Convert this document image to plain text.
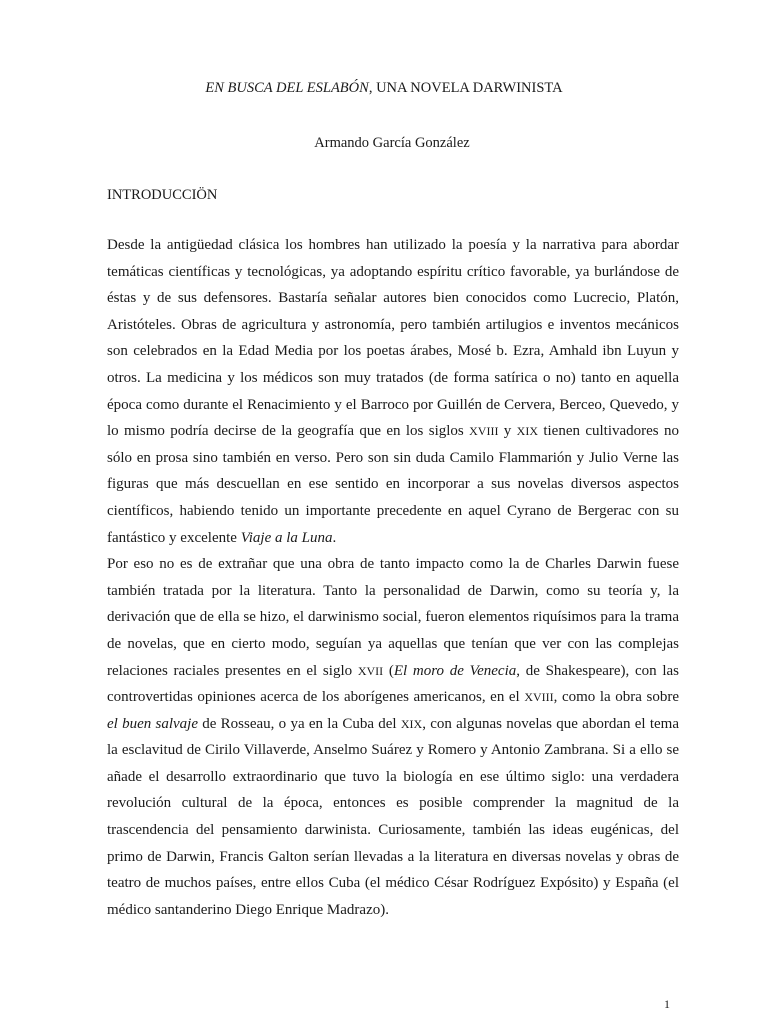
EN BUSCA DEL ESLABÓN, UNA NOVELA DARWINISTA
Armando García González
INTRODUCCIÖN

Desde la antigüedad clásica los hombres han utilizado la poesía y la narrativa para abordar temáticas científicas y tecnológicas, ya adoptando espíritu crítico favorable, ya burlándose de éstas y de sus defensores. Bastaría señalar autores bien conocidos como Lucrecio, Platón, Aristóteles. Obras de agricultura y astronomía, pero también artilugios e inventos mecánicos son celebrados en la Edad Media por los poetas árabes, Mosé b. Ezra, Amhald ibn Luyun y otros. La medicina y los médicos son muy tratados (de forma satírica o no) tanto en aquella época como durante el Renacimiento y el Barroco por Guillén de Cervera, Berceo, Quevedo, y lo mismo podría decirse de la geografía que en los siglos XVIII y XIX tienen cultivadores no sólo en prosa sino también en verso. Pero son sin duda Camilo Flammarión y Julio Verne las figuras que más descuellan en ese sentido en incorporar a sus novelas diversos aspectos científicos, habiendo tenido un importante precedente en aquel Cyrano de Bergerac con su fantástico y excelente Viaje a la Luna.

Por eso no es de extrañar que una obra de tanto impacto como la de Charles Darwin fuese también tratada por la literatura. Tanto la personalidad de Darwin, como su teoría y, la derivación que de ella se hizo, el darwinismo social, fueron elementos riquísimos para la trama de novelas, que en cierto modo, seguían ya aquellas que tenían que ver con las complejas relaciones raciales presentes en el siglo XVII (El moro de Venecia, de Shakespeare), con las controvertidas opiniones acerca de los aborígenes americanos, en el XVIII, como la obra sobre el buen salvaje de Rosseau, o ya en la Cuba del XIX, con algunas novelas que abordan el tema la esclavitud de Cirilo Villaverde, Anselmo Suárez y Romero y Antonio Zambrana. Si a ello se añade el desarrollo extraordinario que tuvo la biología en ese último siglo: una verdadera revolución cultural de la época, entonces es posible comprender la magnitud de la trascendencia del pensamiento darwinista. Curiosamente, también las ideas eugénicas, del primo de Darwin, Francis Galton serían llevadas a la literatura en diversas novelas y obras de teatro de muchos países, entre ellos Cuba (el médico César Rodríguez Expósito) y España (el médico santanderino Diego Enrique Madrazo).

1
